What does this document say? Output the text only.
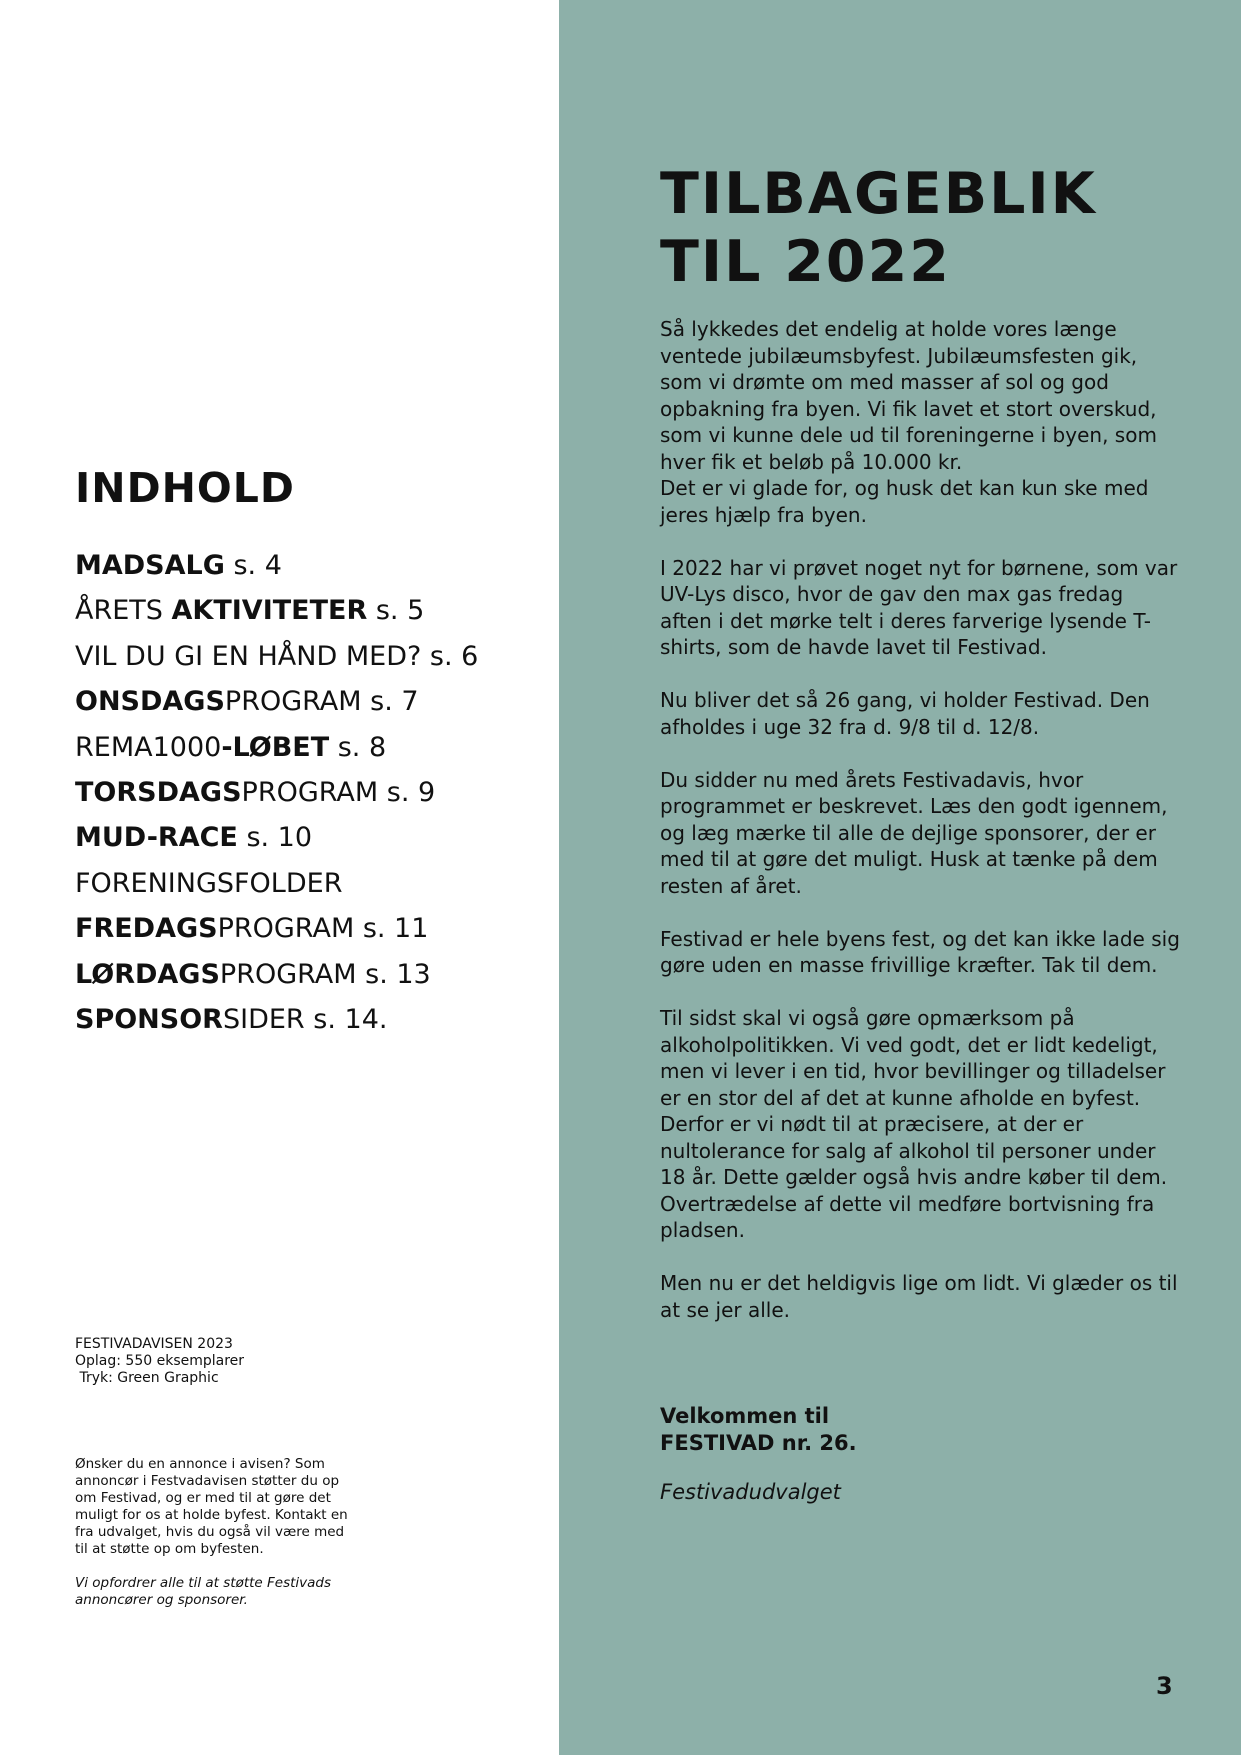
INDHOLD
MADSALG s. 4
ÅRETS AKTIVITETER s. 5
VIL DU GI EN HÅND MED? s. 6
ONSDAGSPROGRAM s. 7
REMA1000-LØBET s. 8
TORSDAGSPROGRAM s. 9
MUD-RACE s. 10
FORENINGSFOLDER
FREDAGSPROGRAM s. 11
LØRDAGSPROGRAM s. 13
SPONSORSIDER s. 14.
FESTIVADAVISEN 2023
Oplag: 550 eksemplarer
Tryk: Green Graphic

Ønsker du en annonce i avisen? Som annoncør i Festvadavisen støtter du op om Festivad, og er med til at gøre det muligt for os at holde byfest. Kontakt en fra udvalget, hvis du også vil være med til at støtte op om byfesten.

Vi opfordrer alle til at støtte Festivads annoncører og sponsorer.

TILBAGEBLIK
TIL 2022

Så lykkedes det endelig at holde vores længe ventede jubilæumsbyfest. Jubilæumsfesten gik, som vi drømte om med masser af sol og god opbakning fra byen. Vi fik lavet et stort overskud, som vi kunne dele ud til foreningerne i byen, som hver fik et beløb på 10.000 kr.
Det er vi glade for, og husk det kan kun ske med jeres hjælp fra byen.

I 2022 har vi prøvet noget nyt for børnene, som var UV-Lys disco, hvor de gav den max gas fredag aften i det mørke telt i deres farverige lysende T-shirts, som de havde lavet til Festivad.

Nu bliver det så 26 gang, vi holder Festivad. Den afholdes i uge 32 fra d. 9/8 til d. 12/8.

Du sidder nu med årets Festivadavis, hvor programmet er beskrevet. Læs den godt igennem, og læg mærke til alle de dejlige sponsorer, der er med til at gøre det muligt. Husk at tænke på dem resten af året.

Festivad er hele byens fest, og det kan ikke lade sig gøre uden en masse frivillige kræfter. Tak til dem.

Til sidst skal vi også gøre opmærksom på alkoholpolitikken. Vi ved godt, det er lidt kedeligt, men vi lever i en tid, hvor bevillinger og tilladelser er en stor del af det at kunne afholde en byfest. Derfor er vi nødt til at præcisere, at der er nultolerance for salg af alkohol til personer under 18 år. Dette gælder også hvis andre køber til dem. Overtrædelse af dette vil medføre bortvisning fra pladsen.

Men nu er det heldigvis lige om lidt. Vi glæder os til at se jer alle.

Velkommen til
FESTIVAD nr. 26.
Festivadudvalget
3
